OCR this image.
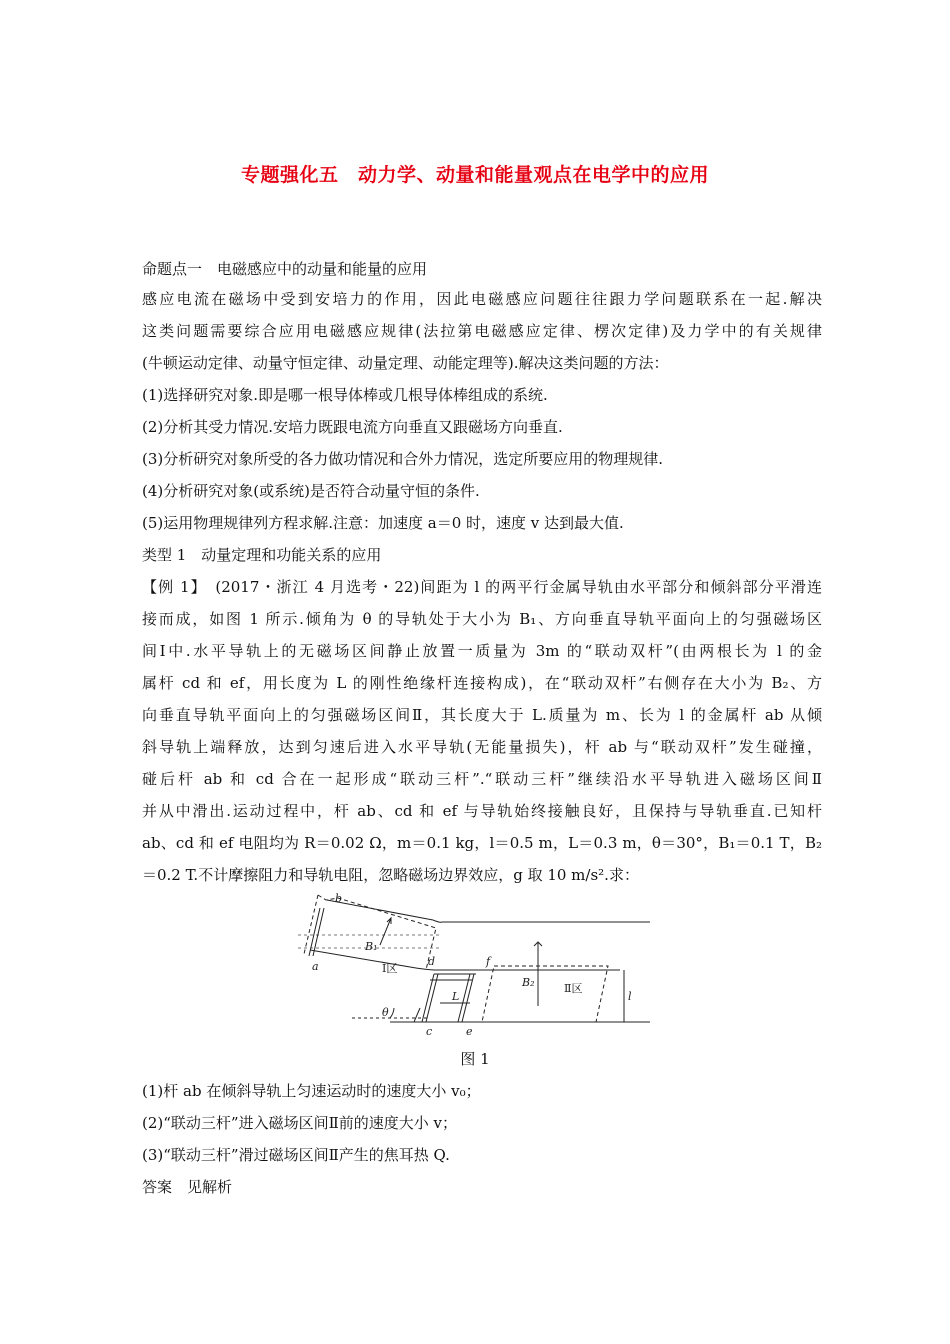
专题强化五　动力学、动量和能量观点在电学中的应用
命题点一　电磁感应中的动量和能量的应用
感应电流在磁场中受到安培力的作用，因此电磁感应问题往往跟力学问题联系在一起.解决
这类问题需要综合应用电磁感应规律(法拉第电磁感应定律、楞次定律)及力学中的有关规律
(牛顿运动定律、动量守恒定律、动量定理、动能定理等).解决这类问题的方法：
(1)选择研究对象.即是哪一根导体棒或几根导体棒组成的系统.
(2)分析其受力情况.安培力既跟电流方向垂直又跟磁场方向垂直.
(3)分析研究对象所受的各力做功情况和合外力情况，选定所要应用的物理规律.
(4)分析研究对象(或系统)是否符合动量守恒的条件.
(5)运用物理规律列方程求解.注意：加速度 a＝0 时，速度 v 达到最大值.
类型 1　动量定理和功能关系的应用
【例 1】　(2017・浙江 4 月选考・22)间距为 l 的两平行金属导轨由水平部分和倾斜部分平滑连
接而成，如图 1 所示.倾角为 θ 的导轨处于大小为 B₁、方向垂直导轨平面向上的匀强磁场区
间Ⅰ中.水平导轨上的无磁场区间静止放置一质量为 3m 的“联动双杆”(由两根长为 l 的金
属杆 cd 和 ef，用长度为 L 的刚性绝缘杆连接构成)，在“联动双杆”右侧存在大小为 B₂、方
向垂直导轨平面向上的匀强磁场区间Ⅱ，其长度大于 L.质量为 m、长为 l 的金属杆 ab 从倾
斜导轨上端释放，达到匀速后进入水平导轨(无能量损失)，杆 ab 与“联动双杆”发生碰撞，
碰后杆 ab 和 cd 合在一起形成“联动三杆”.“联动三杆”继续沿水平导轨进入磁场区间Ⅱ
并从中滑出.运动过程中，杆 ab、cd 和 ef 与导轨始终接触良好，且保持与导轨垂直.已知杆
ab、cd 和 ef 电阻均为 R＝0.02 Ω，m＝0.1 kg，l＝0.5 m，L＝0.3 m，θ＝30°，B₁＝0.1 T，B₂
＝0.2 T.不计摩擦阻力和导轨电阻，忽略磁场边界效应，g 取 10 m/s².求：
b
a	d	f
c	e
B₁
B₂
L	l
θ
Ⅰ区
Ⅱ区
图 1
(1)杆 ab 在倾斜导轨上匀速运动时的速度大小 v₀；
(2)“联动三杆”进入磁场区间Ⅱ前的速度大小 v；
(3)“联动三杆”滑过磁场区间Ⅱ产生的焦耳热 Q.
答案　见解析
